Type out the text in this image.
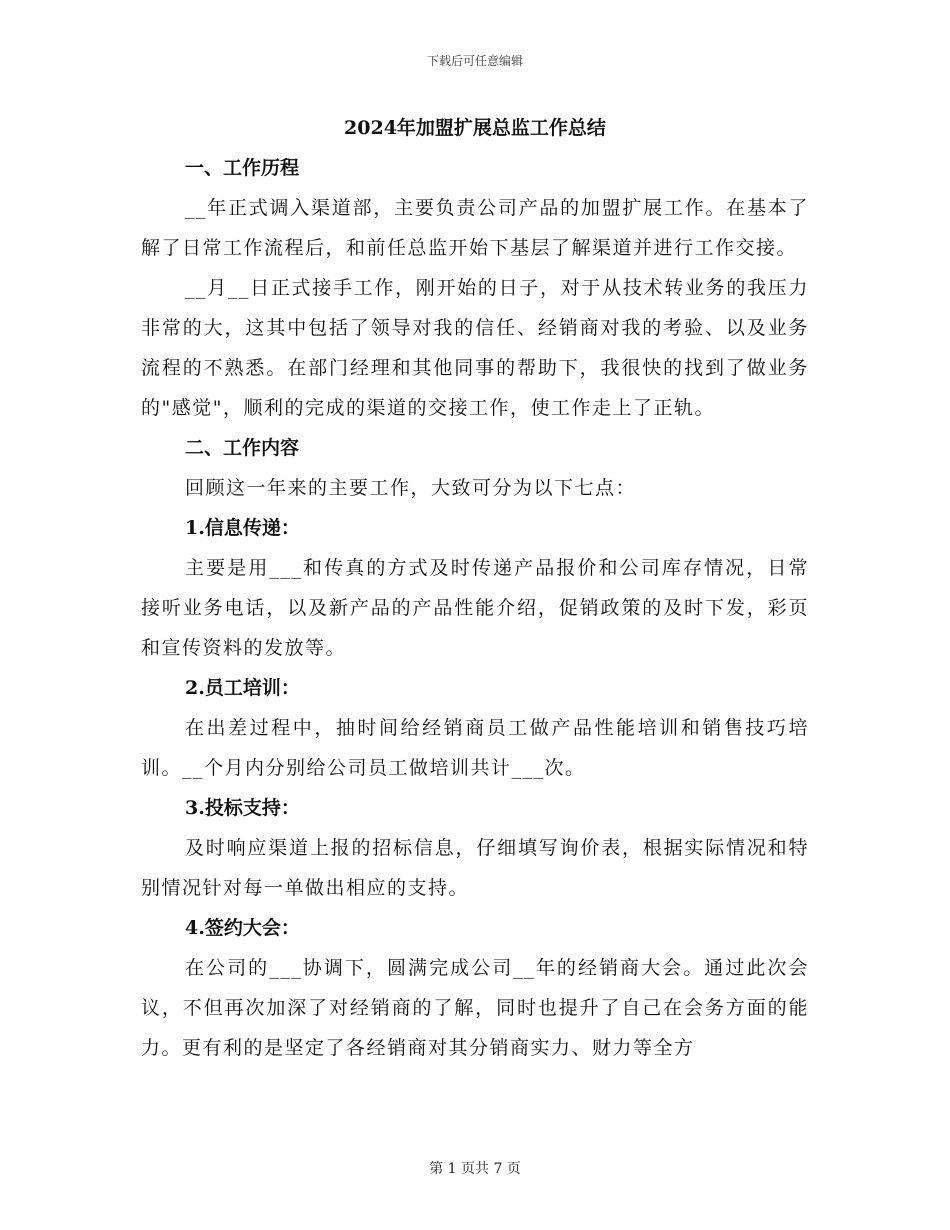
下载后可任意编辑

2024年加盟扩展总监工作总结

一、工作历程

__年正式调入渠道部，主要负责公司产品的加盟扩展工作。在基本了解了日常工作流程后，和前任总监开始下基层了解渠道并进行工作交接。

__月__日正式接手工作，刚开始的日子，对于从技术转业务的我压力非常的大，这其中包括了领导对我的信任、经销商对我的考验、以及业务流程的不熟悉。在部门经理和其他同事的帮助下，我很快的找到了做业务的"感觉"，顺利的完成的渠道的交接工作，使工作走上了正轨。

二、工作内容

回顾这一年来的主要工作，大致可分为以下七点：

1.信息传递：

主要是用___和传真的方式及时传递产品报价和公司库存情况，日常接听业务电话，以及新产品的产品性能介绍，促销政策的及时下发，彩页和宣传资料的发放等。

2.员工培训：

在出差过程中，抽时间给经销商员工做产品性能培训和销售技巧培训。__个月内分别给公司员工做培训共计___次。

3.投标支持：

及时响应渠道上报的招标信息，仔细填写询价表，根据实际情况和特别情况针对每一单做出相应的支持。

4.签约大会：

在公司的___协调下，圆满完成公司__年的经销商大会。通过此次会议，不但再次加深了对经销商的了解，同时也提升了自己在会务方面的能力。更有利的是坚定了各经销商对其分销商实力、财力等全方

第 1 页共 7 页
